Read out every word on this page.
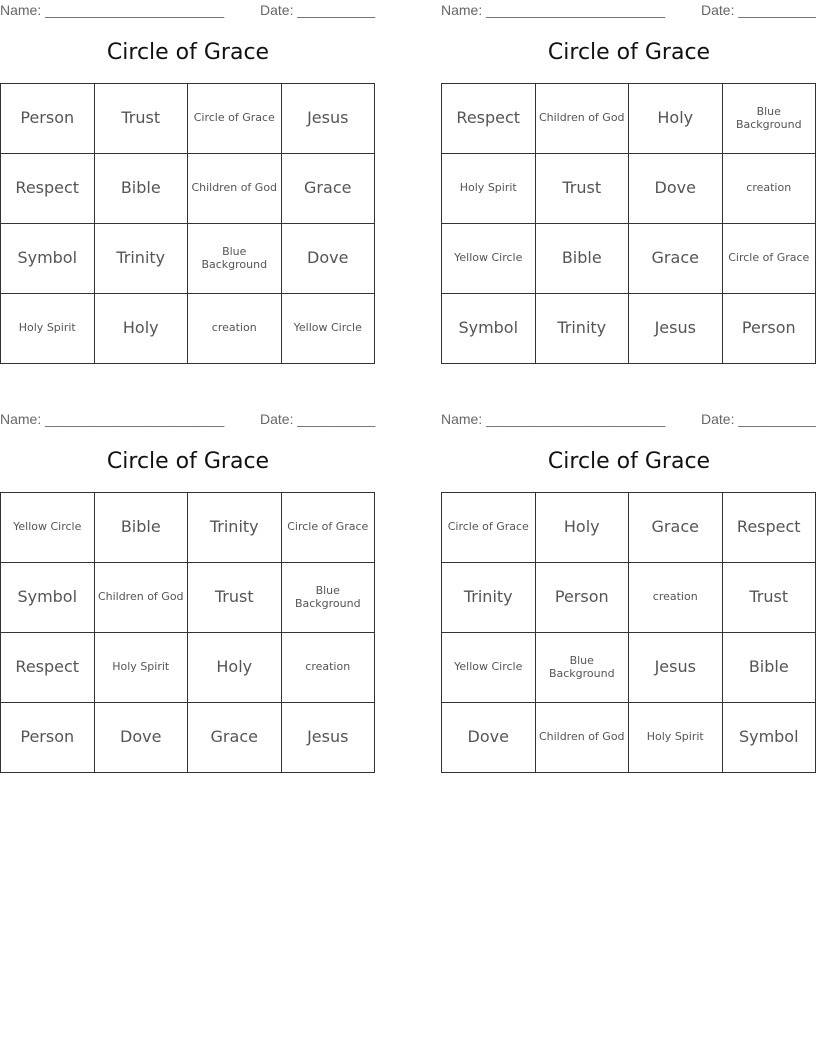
Name: _______________________	Date: __________
Circle of Grace
Person	Trust	Circle of Grace	Jesus
Respect	Bible	Children of God	Grace
Symbol	Trinity	Blue Background	Dove
Holy Spirit	Holy	creation	Yellow Circle
Name: _______________________	Date: __________
Circle of Grace
Respect	Children of God	Holy	Blue Background
Holy Spirit	Trust	Dove	creation
Yellow Circle	Bible	Grace	Circle of Grace
Symbol	Trinity	Jesus	Person
Name: _______________________	Date: __________
Circle of Grace
Yellow Circle	Bible	Trinity	Circle of Grace
Symbol	Children of God	Trust	Blue Background
Respect	Holy Spirit	Holy	creation
Person	Dove	Grace	Jesus
Name: _______________________	Date: __________
Circle of Grace
Circle of Grace	Holy	Grace	Respect
Trinity	Person	creation	Trust
Yellow Circle	Blue Background	Jesus	Bible
Dove	Children of God	Holy Spirit	Symbol
